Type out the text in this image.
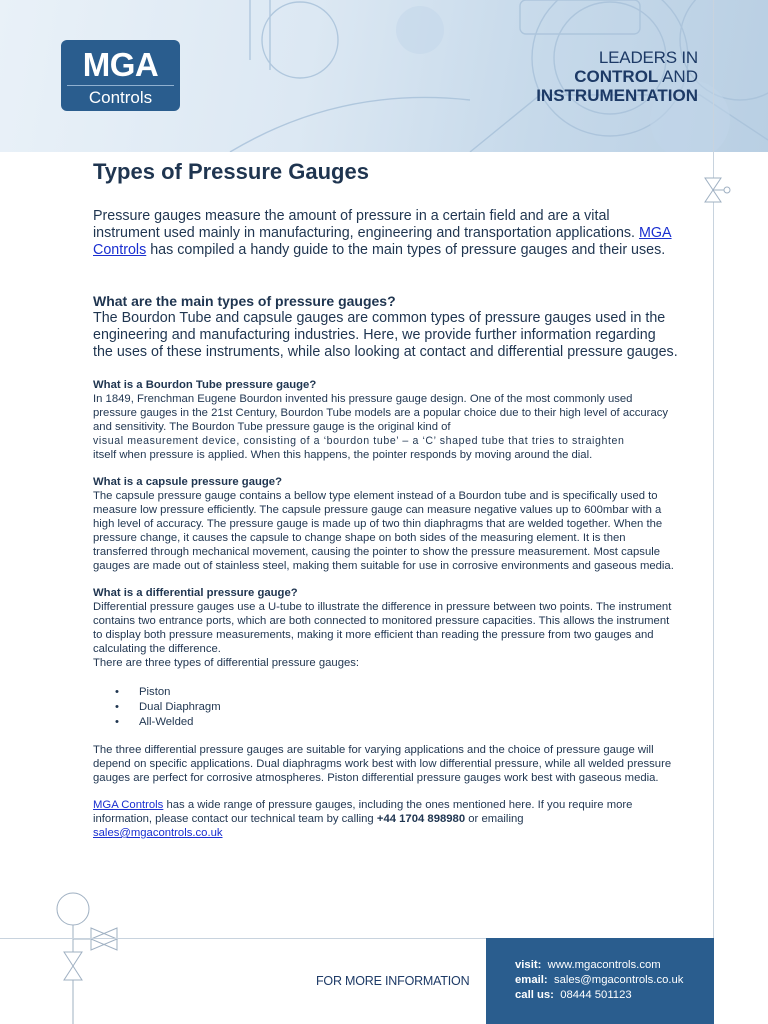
MGA
Controls
LEADERS IN
CONTROL AND
INSTRUMENTATION
Types of Pressure Gauges

Pressure gauges measure the amount of pressure in a certain field and are a vital instrument used mainly in manufacturing, engineering and transportation applications. MGA Controls has compiled a handy guide to the main types of pressure gauges and their uses.

What are the main types of pressure gauges?

The Bourdon Tube and capsule gauges are common types of pressure gauges used in the engineering and manufacturing industries. Here, we provide further information regarding the uses of these instruments, while also looking at contact and differential pressure gauges.

What is a Bourdon Tube pressure gauge?

In 1849, Frenchman Eugene Bourdon invented his pressure gauge design. One of the most commonly used pressure gauges in the 21st Century, Bourdon Tube models are a popular choice due to their high level of accuracy and sensitivity. The Bourdon Tube pressure gauge is the original kind of
visual measurement device, consisting of a ‘bourdon tube’ – a ‘C’ shaped tube that tries to straighten
itself when pressure is applied. When this happens, the pointer responds by moving around the dial.

What is a capsule pressure gauge?

The capsule pressure gauge contains a bellow type element instead of a Bourdon tube and is specifically used to measure low pressure efficiently. The capsule pressure gauge can measure negative values up to 600mbar with a high level of accuracy. The pressure gauge is made up of two thin diaphragms that are welded together. When the pressure change, it causes the capsule to change shape on both sides of the measuring element. It is then transferred through mechanical movement, causing the pointer to show the pressure measurement. Most capsule gauges are made out of stainless steel, making them suitable for use in corrosive environments and gaseous media.

What is a differential pressure gauge?

Differential pressure gauges use a U-tube to illustrate the difference in pressure between two points. The instrument contains two entrance ports, which are both connected to monitored pressure capacities. This allows the instrument to display both pressure measurements, making it more efficient than reading the pressure from two gauges and calculating the difference.

There are three types of differential pressure gauges:

• Piston
• Dual Diaphragm
• All-Welded

The three differential pressure gauges are suitable for varying applications and the choice of pressure gauge will depend on specific applications. Dual diaphragms work best with low differential pressure, while all welded pressure gauges are perfect for corrosive atmospheres. Piston differential pressure gauges work best with gaseous media.

MGA Controls has a wide range of pressure gauges, including the ones mentioned here. If you require more information, please contact our technical team by calling +44 1704 898980 or emailing
sales@mgacontrols.co.uk

FOR MORE INFORMATION
visit: www.mgacontrols.com
email: sales@mgacontrols.co.uk
call us: 08444 501123
